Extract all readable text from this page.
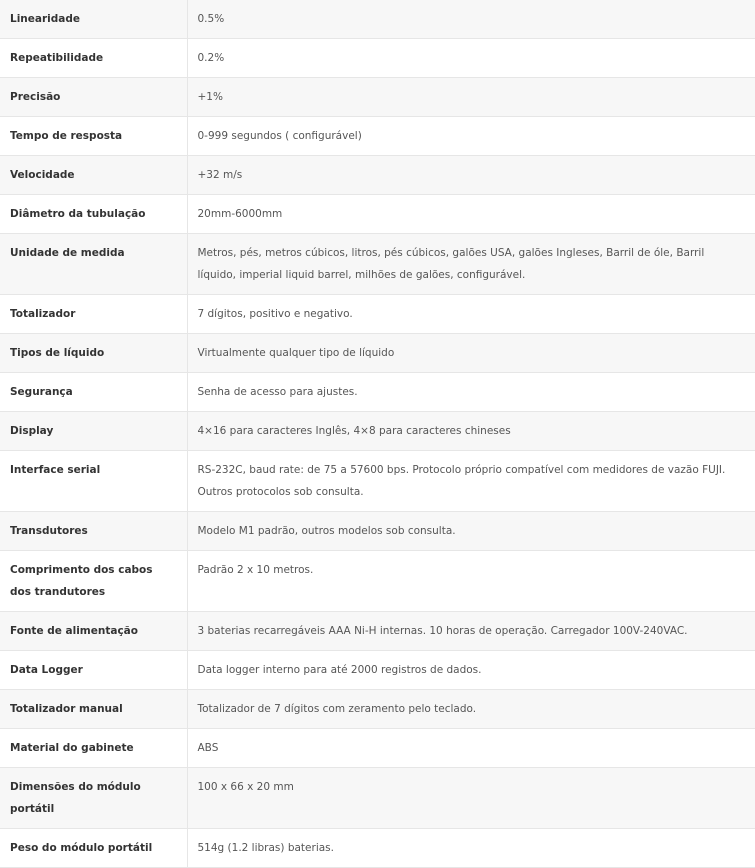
Linearidade	0.5%
Repeatibilidade	0.2%
Precisão	+1%
Tempo de resposta	0-999 segundos ( configurável)
Velocidade	+32 m/s
Diâmetro da tubulação	20mm-6000mm
Unidade de medida	Metros, pés, metros cúbicos, litros, pés cúbicos, galões USA, galões Ingleses, Barril de óle, Barril líquido, imperial liquid barrel, milhões de galões, configurável.
Totalizador	7 dígitos, positivo e negativo.
Tipos de líquido	Virtualmente qualquer tipo de líquido
Segurança	Senha de acesso para ajustes.
Display	4×16 para caracteres Inglês, 4×8 para caracteres chineses
Interface serial	RS-232C, baud rate: de 75 a 57600 bps. Protocolo próprio compatível com medidores de vazão FUJI. Outros protocolos sob consulta.
Transdutores	Modelo M1 padrão, outros modelos sob consulta.
Comprimento dos cabos dos trandutores	Padrão 2 x 10 metros.
Fonte de alimentação	3 baterias recarregáveis AAA Ni-H internas. 10 horas de operação. Carregador 100V-240VAC.
Data Logger	Data logger interno para até 2000 registros de dados.
Totalizador manual	Totalizador de 7 dígitos com zeramento pelo teclado.
Material do gabinete	ABS
Dimensões do módulo portátil	100 x 66 x 20 mm
Peso do módulo portátil	514g (1.2 libras) baterias.
